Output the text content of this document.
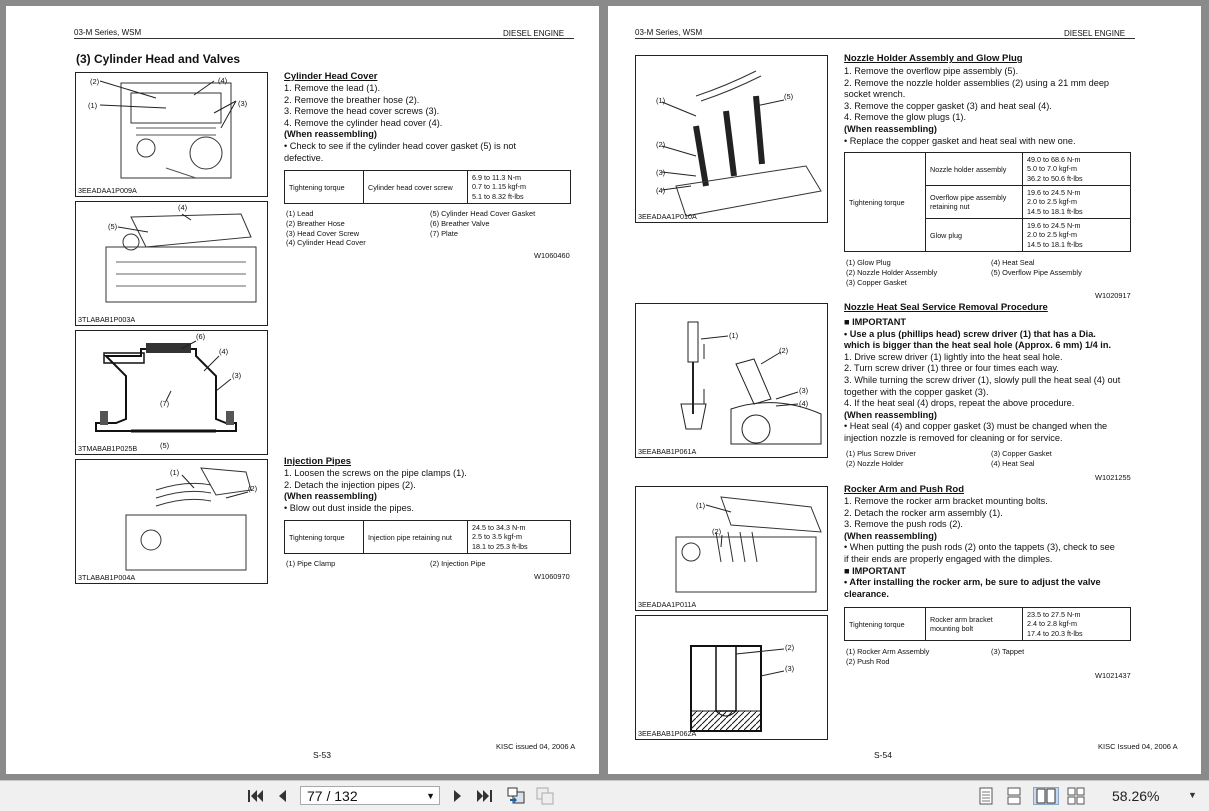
03-M Series, WSM	DIESEL ENGINE
(3) Cylinder Head and Valves
(2)
(1)
(4)
(3)
3EEADAA1P009A
(5)
(4)
3TLABAB1P003A
(6)
(4)
(3)
(7)
(5)
3TMABAB1P025B
(1)
(2)
3TLABAB1P004A
Cylinder Head Cover
1. Remove the lead (1).
2. Remove the breather hose (2).
3. Remove the head cover screws (3).
4. Remove the cylinder head cover (4).
(When reassembling)
• Check to see if the cylinder head cover gasket (5) is not
defective.
Tightening torque	Cylinder head cover screw	
6.9 to 11.3 N-m
0.7 to 1.15 kgf-m
5.1 to 8.32 ft-lbs
(1) Lead
(2) Breather Hose
(3) Head Cover Screw
(4) Cylinder Head Cover
(5) Cylinder Head Cover Gasket
(6) Breather Valve
(7) Plate
W1060460
Injection Pipes
1. Loosen the screws on the pipe clamps (1).
2. Detach the injection pipes (2).
(When reassembling)
• Blow out dust inside the pipes.
Tightening torque	Injection pipe retaining nut	
24.5 to 34.3 N-m
2.5 to 3.5 kgf-m
18.1 to 25.3 ft-lbs
(1) Pipe Clamp	(2) Injection Pipe
W1060970
KISC issued 04, 2006 A
S-53
03-M Series, WSM	DIESEL ENGINE
(1)	(5)
(2)
(3)
(4)
3EEADAA1P010A
(1)
(2)
(3)
(4)
3EEABAB1P061A
(1)
(2)
3EEADAA1P011A
(2)
(3)
3EEABAB1P062A
Nozzle Holder Assembly and Glow Plug
1. Remove the overflow pipe assembly (5).
2. Remove the nozzle holder assemblies (2) using a 21 mm deep
socket wrench.
3. Remove the copper gasket (3) and heat seal (4).
4. Remove the glow plugs (1).
(When reassembling)
• Replace the copper gasket and heat seal with new one.
Tightening torque	Nozzle holder assembly	49.0 to 68.6 N-m
5.0 to 7.0 kgf-m
36.2 to 50.6 ft-lbs

	Overflow pipe assembly retaining nut	19.6 to 24.5 N-m
2.0 to 2.5 kgf-m
14.5 to 18.1 ft-lbs

	Glow plug	19.6 to 24.5 N-m
2.0 to 2.5 kgf-m
14.5 to 18.1 ft-lbs
(1) Glow Plug
(2) Nozzle Holder Assembly
(3) Copper Gasket
(4) Heat Seal
(5) Overflow Pipe Assembly
W1020917
Nozzle Heat Seal Service Removal Procedure
■ IMPORTANT
• Use a plus (phillips head) screw driver (1) that has a Dia.
which is bigger than the heat seal hole (Approx. 6 mm) 1/4 in.
1. Drive screw driver (1) lightly into the heat seal hole.
2. Turn screw driver (1) three or four times each way.
3. While turning the screw driver (1), slowly pull the heat seal (4) out
together with the copper gasket (3).
4. If the heat seal (4) drops, repeat the above procedure.
(When reassembling)
• Heat seal (4) and copper gasket (3) must be changed when the
injection nozzle is removed for cleaning or for service.
(1) Plus Screw Driver
(2) Nozzle Holder
(3) Copper Gasket
(4) Heat Seal
W1021255
Rocker Arm and Push Rod
1. Remove the rocker arm bracket mounting bolts.
2. Detach the rocker arm assembly (1).
3. Remove the push rods (2).
(When reassembling)
• When putting the push rods (2) onto the tappets (3), check to see
if their ends are properly engaged with the dimples.
■ IMPORTANT
• After installing the rocker arm, be sure to adjust the valve
clearance.
Tightening torque	Rocker arm bracket mounting bolt	
23.5 to 27.5 N-m
2.4 to 2.8 kgf-m
17.4 to 20.3 ft-lbs
(1) Rocker Arm Assembly
(2) Push Rod
(3) Tappet
W1021437
KISC Issued 04, 2006 A
S-54
77 / 132	▼	58.26%	▼
